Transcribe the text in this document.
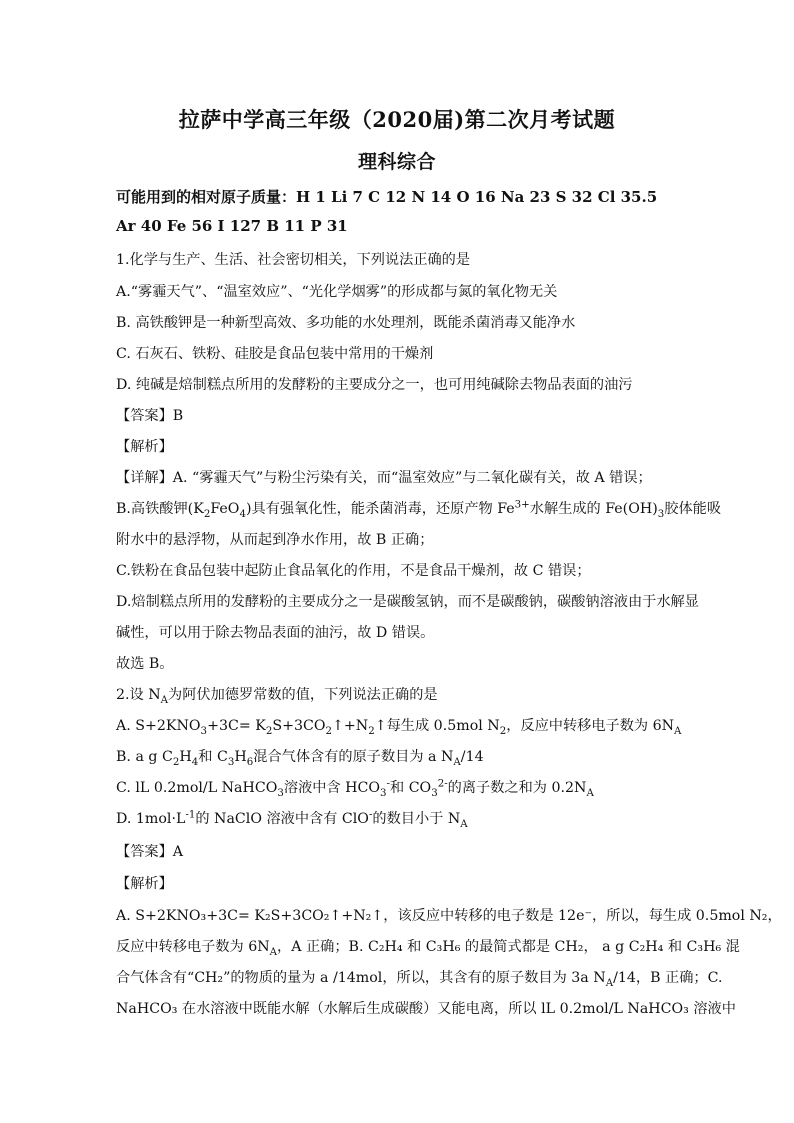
拉萨中学高三年级（2020届)第二次月考试题
理科综合
可能用到的相对原子质量：H 1 Li 7 C 12 N 14 O 16 Na 23 S 32 Cl 35.5
Ar 40 Fe 56 I 127 B 11 P 31
1.化学与生产、生活、社会密切相关，下列说法正确的是
A.“雾霾天气”、“温室效应”、“光化学烟雾”的形成都与氮的氧化物无关
B. 高铁酸钾是一种新型高效、多功能的水处理剂，既能杀菌消毒又能净水
C. 石灰石、铁粉、硅胶是食品包装中常用的干燥剂
D. 纯碱是焙制糕点所用的发酵粉的主要成分之一，也可用纯碱除去物品表面的油污
【答案】B
【解析】
【详解】A. “雾霾天气”与粉尘污染有关，而“温室效应”与二氧化碳有关，故 A 错误；
B.高铁酸钾$(K_2FeO_4)$具有强氧化性，能杀菌消毒，还原产物 $Fe^{3+}$水解生成的 $Fe(OH)_3$胶体能吸
附水中的悬浮物，从而起到净水作用，故 B 正确；
C.铁粉在食品包装中起防止食品氧化的作用，不是食品干燥剂，故 C 错误；
D.焙制糕点所用的发酵粉的主要成分之一是碳酸氢钠，而不是碳酸钠，碳酸钠溶液由于水解显
碱性，可以用于除去物品表面的油污，故 D 错误。
故选 B。
2.设 $N_A$为阿伏加德罗常数的值，下列说法正确的是
A. $S+2KNO_3+3C=$ $K_2S+3CO_2↑+N_2↑$每生成 0.5mol $N_2$，反应中转移电子数为 $6N_A$
B. a g $C_2H_4$和 $C_3H_6$混合气体含有的原子数目为 a $N_A/14$
C. lL 0.2mol/L NaHCO$_3$溶液中含 $HCO_3^-$和 $CO_3^{2-}$的离子数之和为 $0.2N_A$
D. $1mol\cdot L^{-1}$的 NaClO 溶液中含有 ClO-的数目小于 $N_A$
【答案】A
【解析】
A. S+2KNO₃+3C= K₂S+3CO₂↑+N₂↑，该反应中转移的电子数是 12e⁻，所以，每生成 0.5mol N₂，
反应中转移电子数为 $6N_A$，A 正确；B. C₂H₄ 和 C₃H₆ 的最简式都是 CH₂， a g C₂H₄ 和 C₃H₆ 混
合气体含有“CH₂”的物质的量为 a /14mol，所以，其含有的原子数目为 3a $N_A/14$，B 正确；C.
NaHCO₃ 在水溶液中既能水解（水解后生成碳酸）又能电离，所以 lL 0.2mol/L NaHCO₃ 溶液中
